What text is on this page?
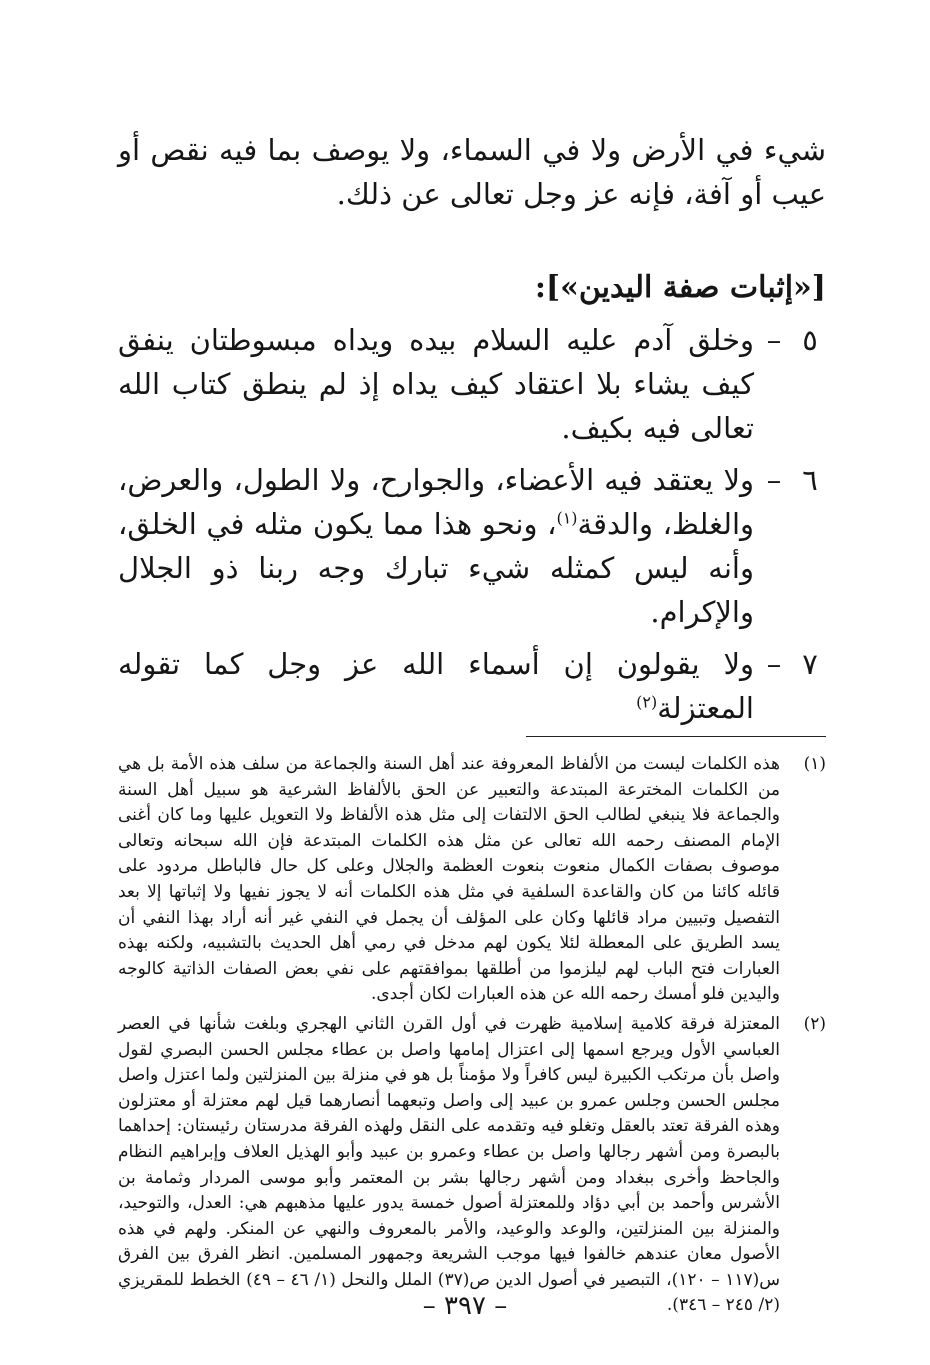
شيء في الأرض ولا في السماء، ولا يوصف بما فيه نقص أو عيب أو آفة، فإنه عز وجل تعالى عن ذلك.

[«إثبات صفة اليدين»]:
٥
–
وخلق آدم عليه السلام بيده ويداه مبسوطتان ينفق كيف يشاء بلا اعتقاد كيف يداه إذ لم ينطق كتاب الله تعالى فيه بكيف.
٦
–
ولا يعتقد فيه الأعضاء، والجوارح، ولا الطول، والعرض، والغلظ، والدقة$^{(١)}$، ونحو هذا مما يكون مثله في الخلق، وأنه ليس كمثله شيء تبارك وجه ربنا ذو الجلال والإكرام.
٧
–
ولا يقولون إن أسماء الله عز وجل كما تقوله المعتزلة$^{(٢)}$
(١)
هذه الكلمات ليست من الألفاظ المعروفة عند أهل السنة والجماعة من سلف هذه الأمة بل هي من الكلمات المخترعة المبتدعة والتعبير عن الحق بالألفاظ الشرعية هو سبيل أهل السنة والجماعة فلا ينبغي لطالب الحق الالتفات إلى مثل هذه الألفاظ ولا التعويل عليها وما كان أغنى الإمام المصنف رحمه الله تعالى عن مثل هذه الكلمات المبتدعة فإن الله سبحانه وتعالى موصوف بصفات الكمال منعوت بنعوت العظمة والجلال وعلى كل حال فالباطل مردود على قائله كائنا من كان والقاعدة السلفية في مثل هذه الكلمات أنه لا يجوز نفيها ولا إثباتها إلا بعد التفصيل وتبيين مراد قائلها وكان على المؤلف أن يجمل في النفي غير أنه أراد بهذا النفي أن يسد الطريق على المعطلة لئلا يكون لهم مدخل في رمي أهل الحديث بالتشبيه، ولكنه بهذه العبارات فتح الباب لهم ليلزموا من أطلقها بموافقتهم على نفي بعض الصفات الذاتية كالوجه واليدين فلو أمسك رحمه الله عن هذه العبارات لكان أجدى.
(٢)
المعتزلة فرقة كلامية إسلامية ظهرت في أول القرن الثاني الهجري وبلغت شأنها في العصر العباسي الأول ويرجع اسمها إلى اعتزال إمامها واصل بن عطاء مجلس الحسن البصري لقول واصل بأن مرتكب الكبيرة ليس كافراً ولا مؤمناً بل هو في منزلة بين المنزلتين ولما اعتزل واصل مجلس الحسن وجلس عمرو بن عبيد إلى واصل وتبعهما أنصارهما قيل لهم معتزلة أو معتزلون وهذه الفرقة تعتد بالعقل وتغلو فيه وتقدمه على النقل ولهذه الفرقة مدرستان رئيستان: إحداهما بالبصرة ومن أشهر رجالها واصل بن عطاء وعمرو بن عبيد وأبو الهذيل العلاف وإبراهيم النظام والجاحظ وأخرى ببغداد ومن أشهر رجالها بشر بن المعتمر وأبو موسى المردار وثمامة بن الأشرس وأحمد بن أبي دؤاد وللمعتزلة أصول خمسة يدور عليها مذهبهم هي: العدل، والتوحيد، والمنزلة بين المنزلتين، والوعد والوعيد، والأمر بالمعروف والنهي عن المنكر. ولهم في هذه الأصول معان عندهم خالفوا فيها موجب الشريعة وجمهور المسلمين. انظر الفرق بين الفرق س(١١٧ – ١٢٠)، التبصير في أصول الدين ص(٣٧) الملل والنحل (١/ ٤٦ – ٤٩) الخطط للمقريزي (٢/ ٢٤٥ – ٣٤٦).
– ٣٩٧ –
